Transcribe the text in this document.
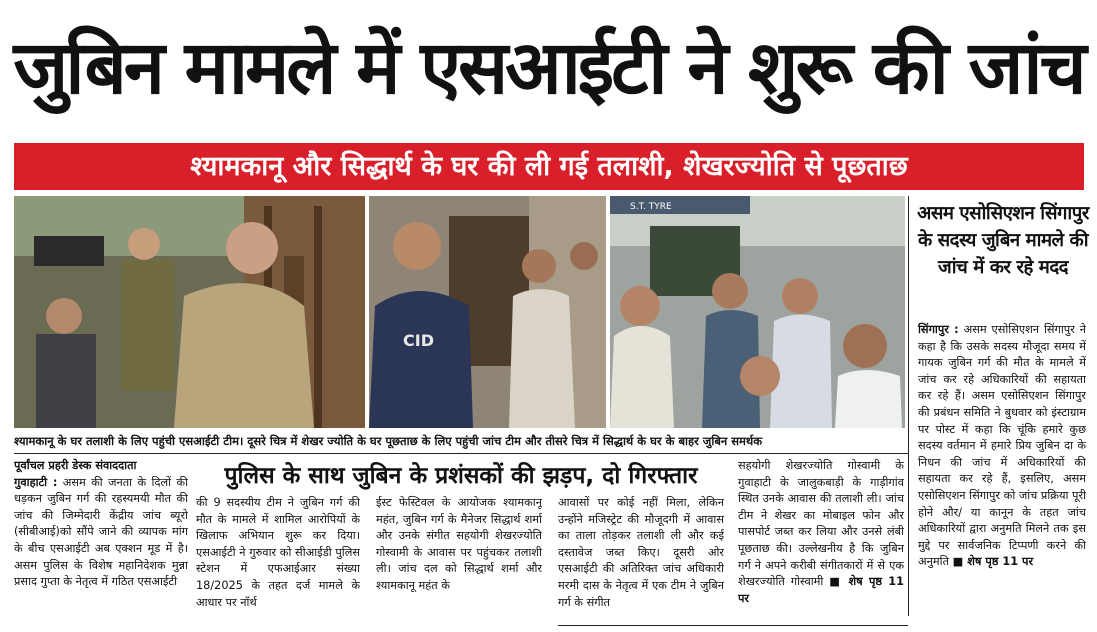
जुबिन मामले में एसआईटी ने शुरू की जांच
श्यामकानू और सिद्धार्थ के घर की ली गई तलाशी, शेखरज्योति से पूछताछ
CID
S.T. TYRE
श्यामकानू के घर तलाशी के लिए पहुंची एसआईटी टीम। दूसरे चित्र में शेखर ज्योति के घर पूछताछ के लिए पहुंची जांच टीम और तीसरे चित्र में सिद्धार्थ के घर के बाहर जुबिन समर्थक
पुलिस के साथ जुबिन के प्रशंसकों की झड़प, दो गिरफ्तार

पूर्वांचल प्रहरी डेस्क संवाददाता

गुवाहाटी : असम की जनता के दिलों की धड़कन जुबिन गर्ग की रहस्यमयी मौत की जांच की जिम्मेदारी केंद्रीय जांच ब्यूरो (सीबीआई)को सौंपे जाने की व्यापक मांग के बीच एसआईटी अब एक्शन मूड में है। असम पुलिस के विशेष महानिदेशक मुन्ना प्रसाद गुप्ता के नेतृत्व में गठित एसआईटी

की 9 सदस्यीय टीम ने जुबिन गर्ग की मौत के मामले में शामिल आरोपियों के खिलाफ अभियान शुरू कर दिया। एसआईटी ने गुरुवार को सीआईडी पुलिस स्टेशन में एफआईआर संख्या 18/2025 के तहत दर्ज मामले के आधार पर नॉर्थ

ईस्ट फेस्टिवल के आयोजक श्यामकानू महंत, जुबिन गर्ग के मैनेजर सिद्धार्थ शर्मा और उनके संगीत सहयोगी शेखरज्योति गोस्वामी के आवास पर पहुंचकर तलाशी ली। जांच दल को सिद्धार्थ शर्मा और श्यामकानू महंत के

आवासों पर कोई नहीं मिला, लेकिन उन्होंने मजिस्ट्रेट की मौजूदगी में आवास का ताला तोड़कर तलाशी ली और कई दस्तावेज जब्त किए। दूसरी ओर एसआईटी की अतिरिक्त जांच अधिकारी मरमी दास के नेतृत्व में एक टीम ने जुबिन गर्ग के संगीत

सहयोगी शेखरज्योति गोस्वामी के गुवाहाटी के जालुकबाड़ी के गाड़ीगांव स्थित उनके आवास की तलाशी ली। जांच टीम ने शेखर का मोबाइल फोन और पासपोर्ट जब्त कर लिया और उनसे लंबी पूछताछ की। उल्लेखनीय है कि जुबिन गर्ग ने अपने करीबी संगीतकारों में से एक शेखरज्योति गोस्वामी ■ शेष पृष्ठ 11 पर

असम एसोसिएशन सिंगापुर के सदस्य जुबिन मामले की जांच में कर रहे मदद

सिंगापुर : असम एसोसिएशन सिंगापुर ने कहा है कि उसके सदस्य मौजूदा समय में गायक जुबिन गर्ग की मौत के मामले में जांच कर रहे अधिकारियों की सहायता कर रहे हैं। असम एसोसिएशन सिंगापुर की प्रबंधन समिति ने बुधवार को इंस्टाग्राम पर पोस्ट में कहा कि चूंकि हमारे कुछ सदस्य वर्तमान में हमारे प्रिय जुबिन दा के निधन की जांच में अधिकारियों की सहायता कर रहे हैं, इसलिए, असम एसोसिएशन सिंगापुर को जांच प्रक्रिया पूरी होने और/ या कानून के तहत जांच अधिकारियों द्वारा अनुमति मिलने तक इस मुद्दे पर सार्वजनिक टिप्पणी करने की अनुमति ■ शेष पृष्ठ 11 पर
